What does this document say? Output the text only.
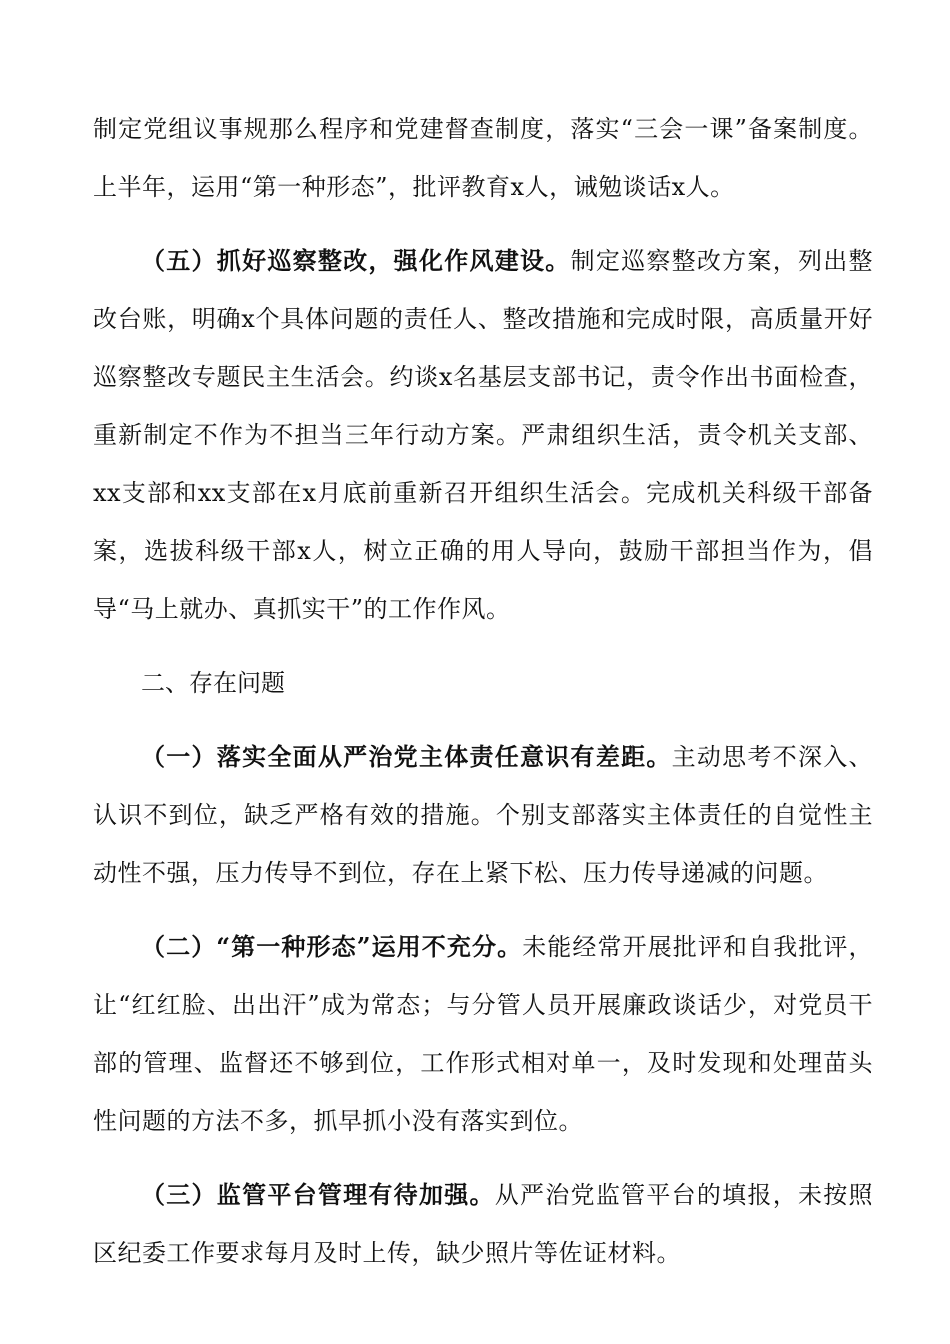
制定党组议事规那么程序和党建督查制度，落实“三会一课”备案制度。上半年，运用“第一种形态”，批评教育x人，诫勉谈话x人。

（五）抓好巡察整改，强化作风建设。制定巡察整改方案，列出整改台账，明确x个具体问题的责任人、整改措施和完成时限，高质量开好巡察整改专题民主生活会。约谈x名基层支部书记，责令作出书面检查，重新制定不作为不担当三年行动方案。严肃组织生活，责令机关支部、xx支部和xx支部在x月底前重新召开组织生活会。完成机关科级干部备案，选拔科级干部x人，树立正确的用人导向，鼓励干部担当作为，倡导“马上就办、真抓实干”的工作作风。

二、存在问题

（一）落实全面从严治党主体责任意识有差距。主动思考不深入、认识不到位，缺乏严格有效的措施。个别支部落实主体责任的自觉性主动性不强，压力传导不到位，存在上紧下松、压力传导递减的问题。

（二）“第一种形态”运用不充分。未能经常开展批评和自我批评，让“红红脸、出出汗”成为常态；与分管人员开展廉政谈话少，对党员干部的管理、监督还不够到位，工作形式相对单一，及时发现和处理苗头性问题的方法不多，抓早抓小没有落实到位。

（三）监管平台管理有待加强。从严治党监管平台的填报，未按照区纪委工作要求每月及时上传，缺少照片等佐证材料。
